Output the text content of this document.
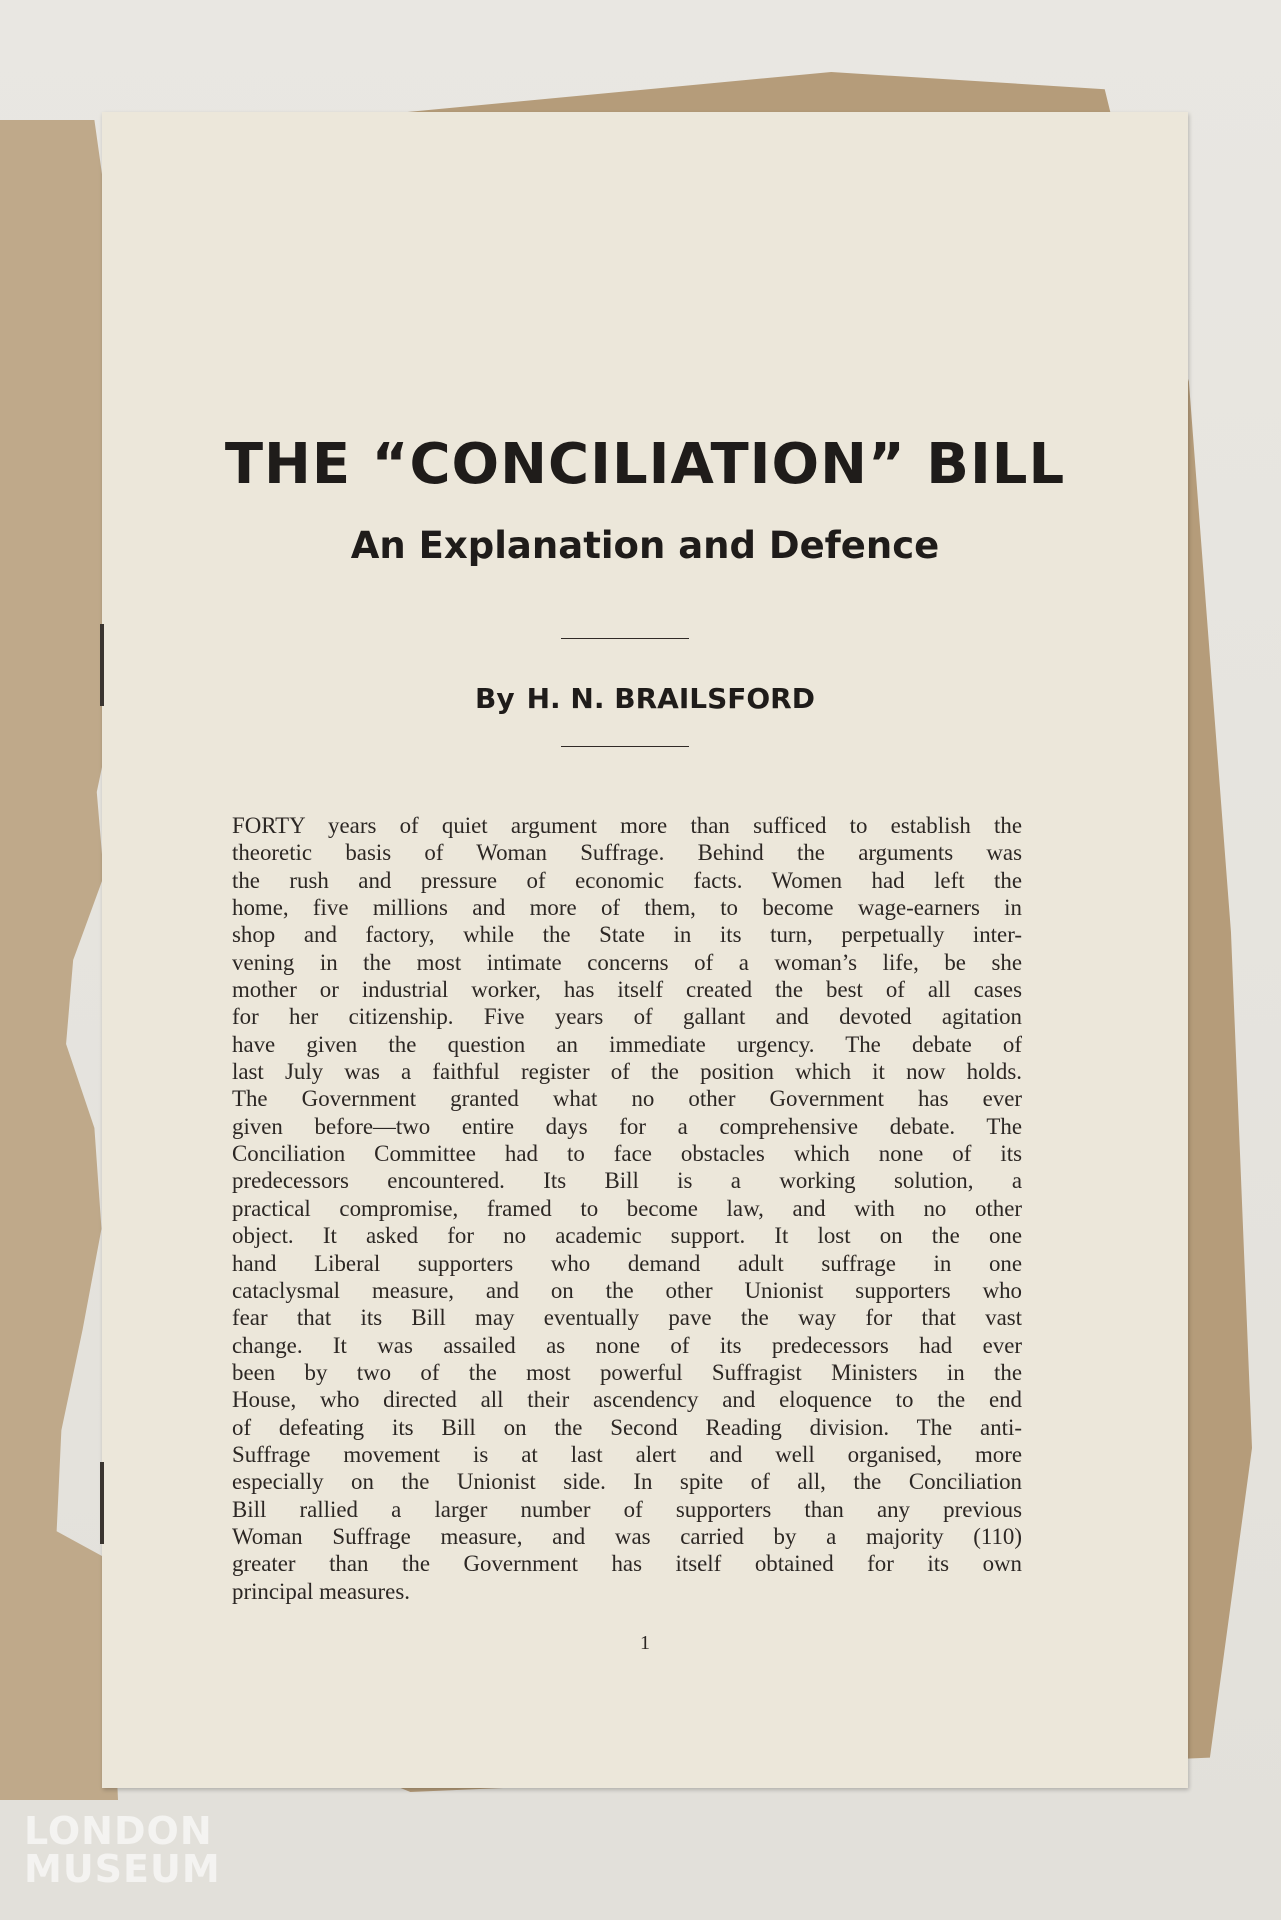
THE “CONCILIATION” BILL
An Explanation and Defence
By H. N. BRAILSFORD

FORTY years of quiet argument more than sufficed to establish the
theoretic basis of Woman Suffrage. Behind the arguments was
the rush and pressure of economic facts. Women had left the
home, five millions and more of them, to become wage-earners in
shop and factory, while the State in its turn, perpetually inter-
vening in the most intimate concerns of a woman’s life, be she
mother or industrial worker, has itself created the best of all cases
for her citizenship. Five years of gallant and devoted agitation
have given the question an immediate urgency. The debate of
last July was a faithful register of the position which it now holds.
The Government granted what no other Government has ever
given before—two entire days for a comprehensive debate. The
Conciliation Committee had to face obstacles which none of its
predecessors encountered. Its Bill is a working solution, a
practical compromise, framed to become law, and with no other
object. It asked for no academic support. It lost on the one
hand Liberal supporters who demand adult suffrage in one
cataclysmal measure, and on the other Unionist supporters who
fear that its Bill may eventually pave the way for that vast
change. It was assailed as none of its predecessors had ever
been by two of the most powerful Suffragist Ministers in the
House, who directed all their ascendency and eloquence to the end
of defeating its Bill on the Second Reading division. The anti-
Suffrage movement is at last alert and well organised, more
especially on the Unionist side. In spite of all, the Conciliation
Bill rallied a larger number of supporters than any previous
Woman Suffrage measure, and was carried by a majority (110)
greater than the Government has itself obtained for its own
principal measures.

1

LONDON
MUSEUM
